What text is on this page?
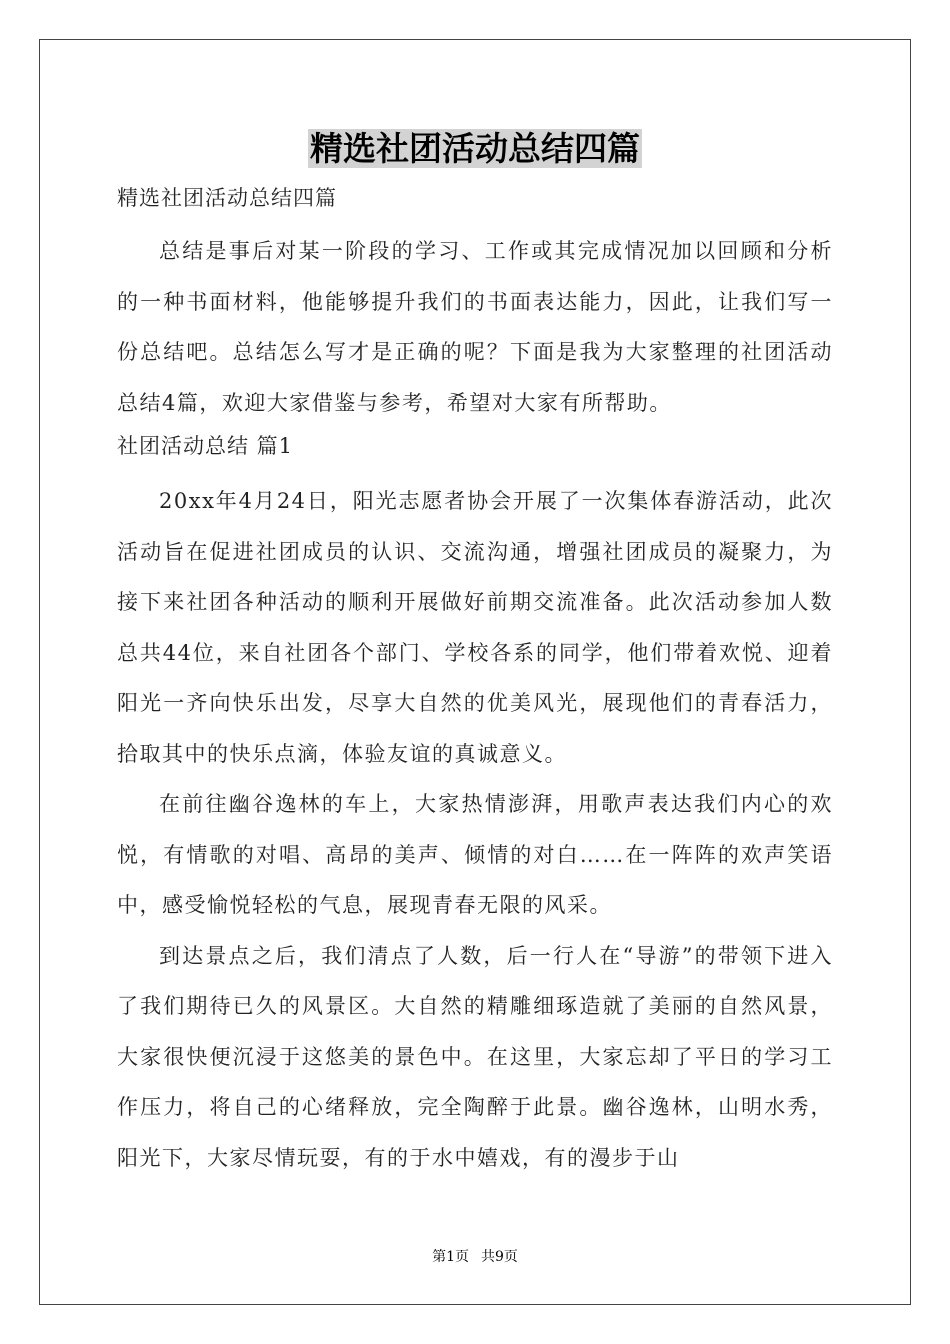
精选社团活动总结四篇

精选社团活动总结四篇

总结是事后对某一阶段的学习、工作或其完成情况加以回顾和分析的一种书面材料，他能够提升我们的书面表达能力，因此，让我们写一份总结吧。总结怎么写才是正确的呢？下面是我为大家整理的社团活动总结4篇，欢迎大家借鉴与参考，希望对大家有所帮助。

社团活动总结 篇1

20xx年4月24日，阳光志愿者协会开展了一次集体春游活动，此次活动旨在促进社团成员的认识、交流沟通，增强社团成员的凝聚力，为接下来社团各种活动的顺利开展做好前期交流准备。此次活动参加人数总共44位，来自社团各个部门、学校各系的同学，他们带着欢悦、迎着阳光一齐向快乐出发，尽享大自然的优美风光，展现他们的青春活力，拾取其中的快乐点滴，体验友谊的真诚意义。

在前往幽谷逸林的车上，大家热情澎湃，用歌声表达我们内心的欢悦，有情歌的对唱、高昂的美声、倾情的对白……在一阵阵的欢声笑语中，感受愉悦轻松的气息，展现青春无限的风采。

到达景点之后，我们清点了人数，后一行人在“导游”的带领下进入了我们期待已久的风景区。大自然的精雕细琢造就了美丽的自然风景，大家很快便沉浸于这悠美的景色中。在这里，大家忘却了平日的学习工作压力，将自己的心绪释放，完全陶醉于此景。幽谷逸林，山明水秀，阳光下，大家尽情玩耍，有的于水中嬉戏，有的漫步于山

第1页 共9页
